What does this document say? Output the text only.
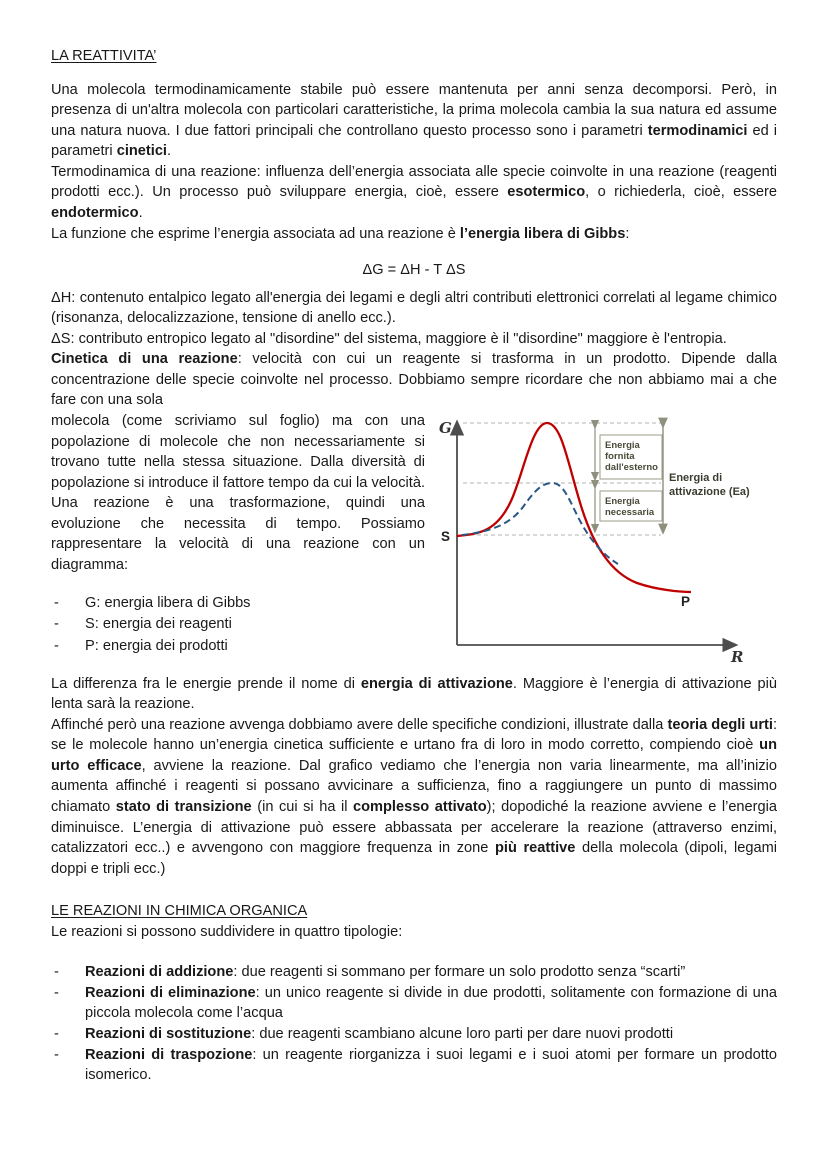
LA REATTIVITA’

Una molecola termodinamicamente stabile può essere mantenuta per anni senza decomporsi. Però, in presenza di un'altra molecola con particolari caratteristiche, la prima molecola cambia la sua natura ed assume una natura nuova. I due fattori principali che controllano questo processo sono i parametri termodinamici ed i parametri cinetici.

Termodinamica di una reazione: influenza dell’energia associata alle specie coinvolte in una reazione (reagenti prodotti ecc.). Un processo può sviluppare energia, cioè, essere esotermico, o richiederla, cioè, essere endotermico.

La funzione che esprime l’energia associata ad una reazione è l’energia libera di Gibbs:

ΔG = ΔH - T ΔS

ΔH: contenuto entalpico legato all'energia dei legami e degli altri contributi elettronici correlati al legame chimico (risonanza, delocalizzazione, tensione di anello ecc.).

ΔS: contributo entropico legato al "disordine" del sistema, maggiore è il "disordine" maggiore è l'entropia.

Cinetica di una reazione: velocità con cui un reagente si trasforma in un prodotto. Dipende dalla concentrazione delle specie coinvolte nel processo. Dobbiamo sempre ricordare che non abbiamo mai a che fare con una sola

Energia
fornita
dall'esterno
Energia
necessaria
Energia di
attivazione (Ea)
G
R
S
P

molecola (come scriviamo sul foglio) ma con una popolazione di molecole che non necessariamente si trovano tutte nella stessa situazione. Dalla diversità di popolazione si introduce il fattore tempo da cui la velocità. Una reazione è una trasformazione, quindi una evoluzione che necessita di tempo. Possiamo rappresentare la velocità di una reazione con un diagramma:

- G: energia libera di Gibbs
- S: energia dei reagenti
- P: energia dei prodotti

La differenza fra le energie prende il nome di energia di attivazione. Maggiore è l’energia di attivazione più lenta sarà la reazione.

Affinché però una reazione avvenga dobbiamo avere delle specifiche condizioni, illustrate dalla teoria degli urti: se le molecole hanno un’energia cinetica sufficiente e urtano fra di loro in modo corretto, compiendo cioè un urto efficace, avviene la reazione. Dal grafico vediamo che l’energia non varia linearmente, ma all’inizio aumenta affinché i reagenti si possano avvicinare a sufficienza, fino a raggiungere un punto di massimo chiamato stato di transizione (in cui si ha il complesso attivato); dopodiché la reazione avviene e l’energia diminuisce. L’energia di attivazione può essere abbassata per accelerare la reazione (attraverso enzimi, catalizzatori ecc..) e avvengono con maggiore frequenza in zone più reattive della molecola (dipoli, legami doppi e tripli ecc.)

LE REAZIONI IN CHIMICA ORGANICA

Le reazioni si possono suddividere in quattro tipologie:

- Reazioni di addizione: due reagenti si sommano per formare un solo prodotto senza “scarti”
- Reazioni di eliminazione: un unico reagente si divide in due prodotti, solitamente con formazione di una piccola molecola come l’acqua
- Reazioni di sostituzione: due reagenti scambiano alcune loro parti per dare nuovi prodotti
- Reazioni di traspozione: un reagente riorganizza i suoi legami e i suoi atomi per formare un prodotto isomerico.
